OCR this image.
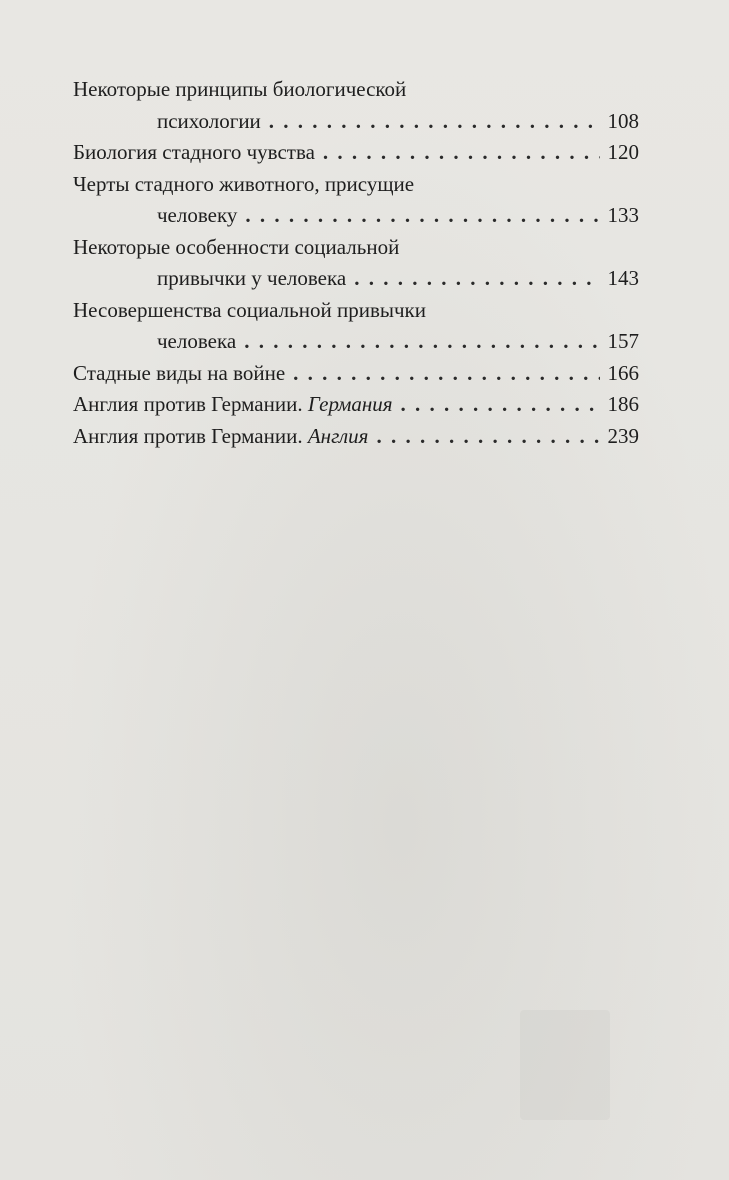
Некоторые принципы биологической
психологии . . .	108
Биология стадного чувства . . .	120
Черты стадного животного, присущие
человеку . . .	133
Некоторые особенности социальной
привычки у человека . . .	143
Несовершенства социальной привычки
человека . . .	157
Стадные виды на войне . . .	166
Англия против Германии. Германия . . .	186
Англия против Германии. Англия . . .	239
